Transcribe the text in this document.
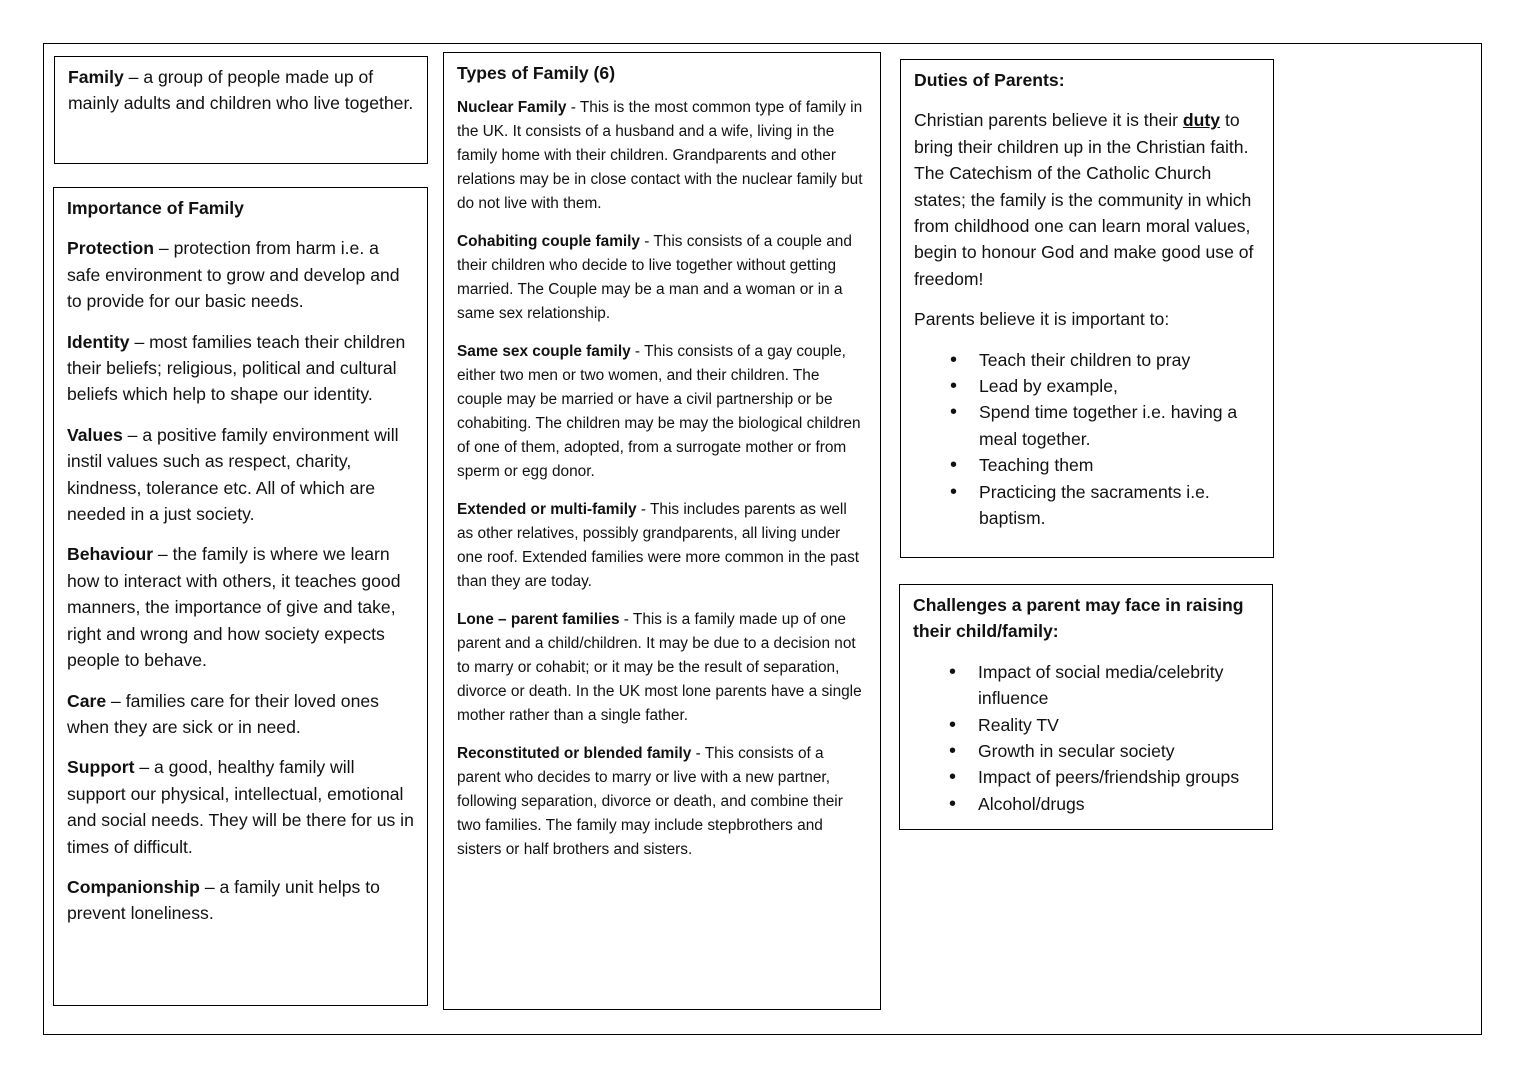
Family – a group of people made up of mainly adults and children who live together.

Importance of Family

Protection – protection from harm i.e. a safe environment to grow and develop and to provide for our basic needs.

Identity – most families teach their children their beliefs; religious, political and cultural beliefs which help to shape our identity.

Values – a positive family environment will instil values such as respect, charity, kindness, tolerance etc. All of which are needed in a just society.

Behaviour – the family is where we learn how to interact with others, it teaches good manners, the importance of give and take, right and wrong and how society expects people to behave.

Care – families care for their loved ones when they are sick or in need.

Support – a good, healthy family will support our physical, intellectual, emotional and social needs. They will be there for us in times of difficult.

Companionship – a family unit helps to prevent loneliness.

Types of Family (6)

Nuclear Family - This is the most common type of family in the UK. It consists of a husband and a wife, living in the family home with their children. Grandparents and other relations may be in close contact with the nuclear family but do not live with them.

Cohabiting couple family - This consists of a couple and their children who decide to live together without getting married. The Couple may be a man and a woman or in a same sex relationship.

Same sex couple family - This consists of a gay couple, either two men or two women, and their children. The couple may be married or have a civil partnership or be cohabiting. The children may be may the biological children of one of them, adopted, from a surrogate mother or from sperm or egg donor.

Extended or multi-family - This includes parents as well as other relatives, possibly grandparents, all living under one roof. Extended families were more common in the past than they are today.

Lone – parent families - This is a family made up of one parent and a child/children. It may be due to a decision not to marry or cohabit; or it may be the result of separation, divorce or death. In the UK most lone parents have a single mother rather than a single father.

Reconstituted or blended family - This consists of a parent who decides to marry or live with a new partner, following separation, divorce or death, and combine their two families. The family may include stepbrothers and sisters or half brothers and sisters.

Duties of Parents:

Christian parents believe it is their duty to bring their children up in the Christian faith. The Catechism of the Catholic Church states; the family is the community in which from childhood one can learn moral values, begin to honour God and make good use of freedom!

Parents believe it is important to:

• Teach their children to pray
• Lead by example,
• Spend time together i.e. having a meal together.
• Teaching them
• Practicing the sacraments i.e. baptism.

Challenges a parent may face in raising their child/family:

• Impact of social media/celebrity influence
• Reality TV
• Growth in secular society
• Impact of peers/friendship groups
• Alcohol/drugs
